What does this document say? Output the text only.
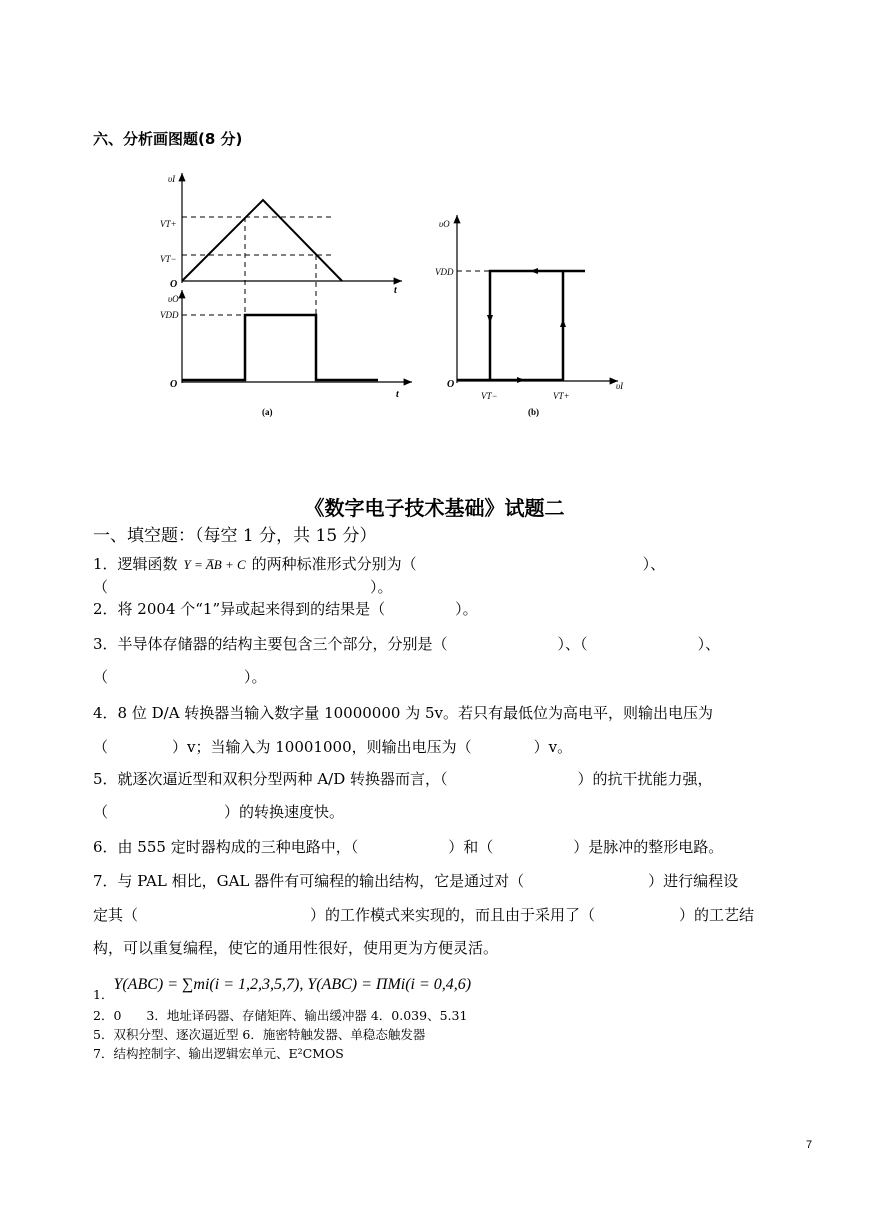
六、分析画图题(8 分)
υI
VT+
VT−
O
t
υO
VDD
O
t
(a)
υO
VDD
O	υI
VT−	VT+
(b)
《数字电子技术基础》试题二
一、填空题：（每空 1 分，共 15 分）
1．逻辑函数 Y = A̅B + C 的两种标准形式分别为（	）、
（	）。
2．将 2004 个“1”异或起来得到的结果是（	）。
3．半导体存储器的结构主要包含三个部分，分别是（	）、（	）、
（	）。
4．8 位 D/A 转换器当输入数字量 10000000 为 5v。若只有最低位为高电平，则输出电压为
（	）v；当输入为 10001000，则输出电压为（	）v。
5．就逐次逼近型和双积分型两种 A/D 转换器而言，（	）的抗干扰能力强，
（	）的转换速度快。
6．由 555 定时器构成的三种电路中，（	）和（	）是脉冲的整形电路。
7．与 PAL 相比，GAL 器件有可编程的输出结构，它是通过对（	）进行编程设
定其（	）的工作模式来实现的，而且由于采用了（	）的工艺结
构，可以重复编程，使它的通用性很好，使用更为方便灵活。
1．Y(ABC) = ∑mi(i = 1,2,3,5,7), Y(ABC) = ΠMi(i = 0,4,6)
2．0　　3．地址译码器、存储矩阵、输出缓冲器 4．0.039、5.31
5．双积分型、逐次逼近型 6．施密特触发器、单稳态触发器
7．结构控制字、输出逻辑宏单元、E²CMOS
7
